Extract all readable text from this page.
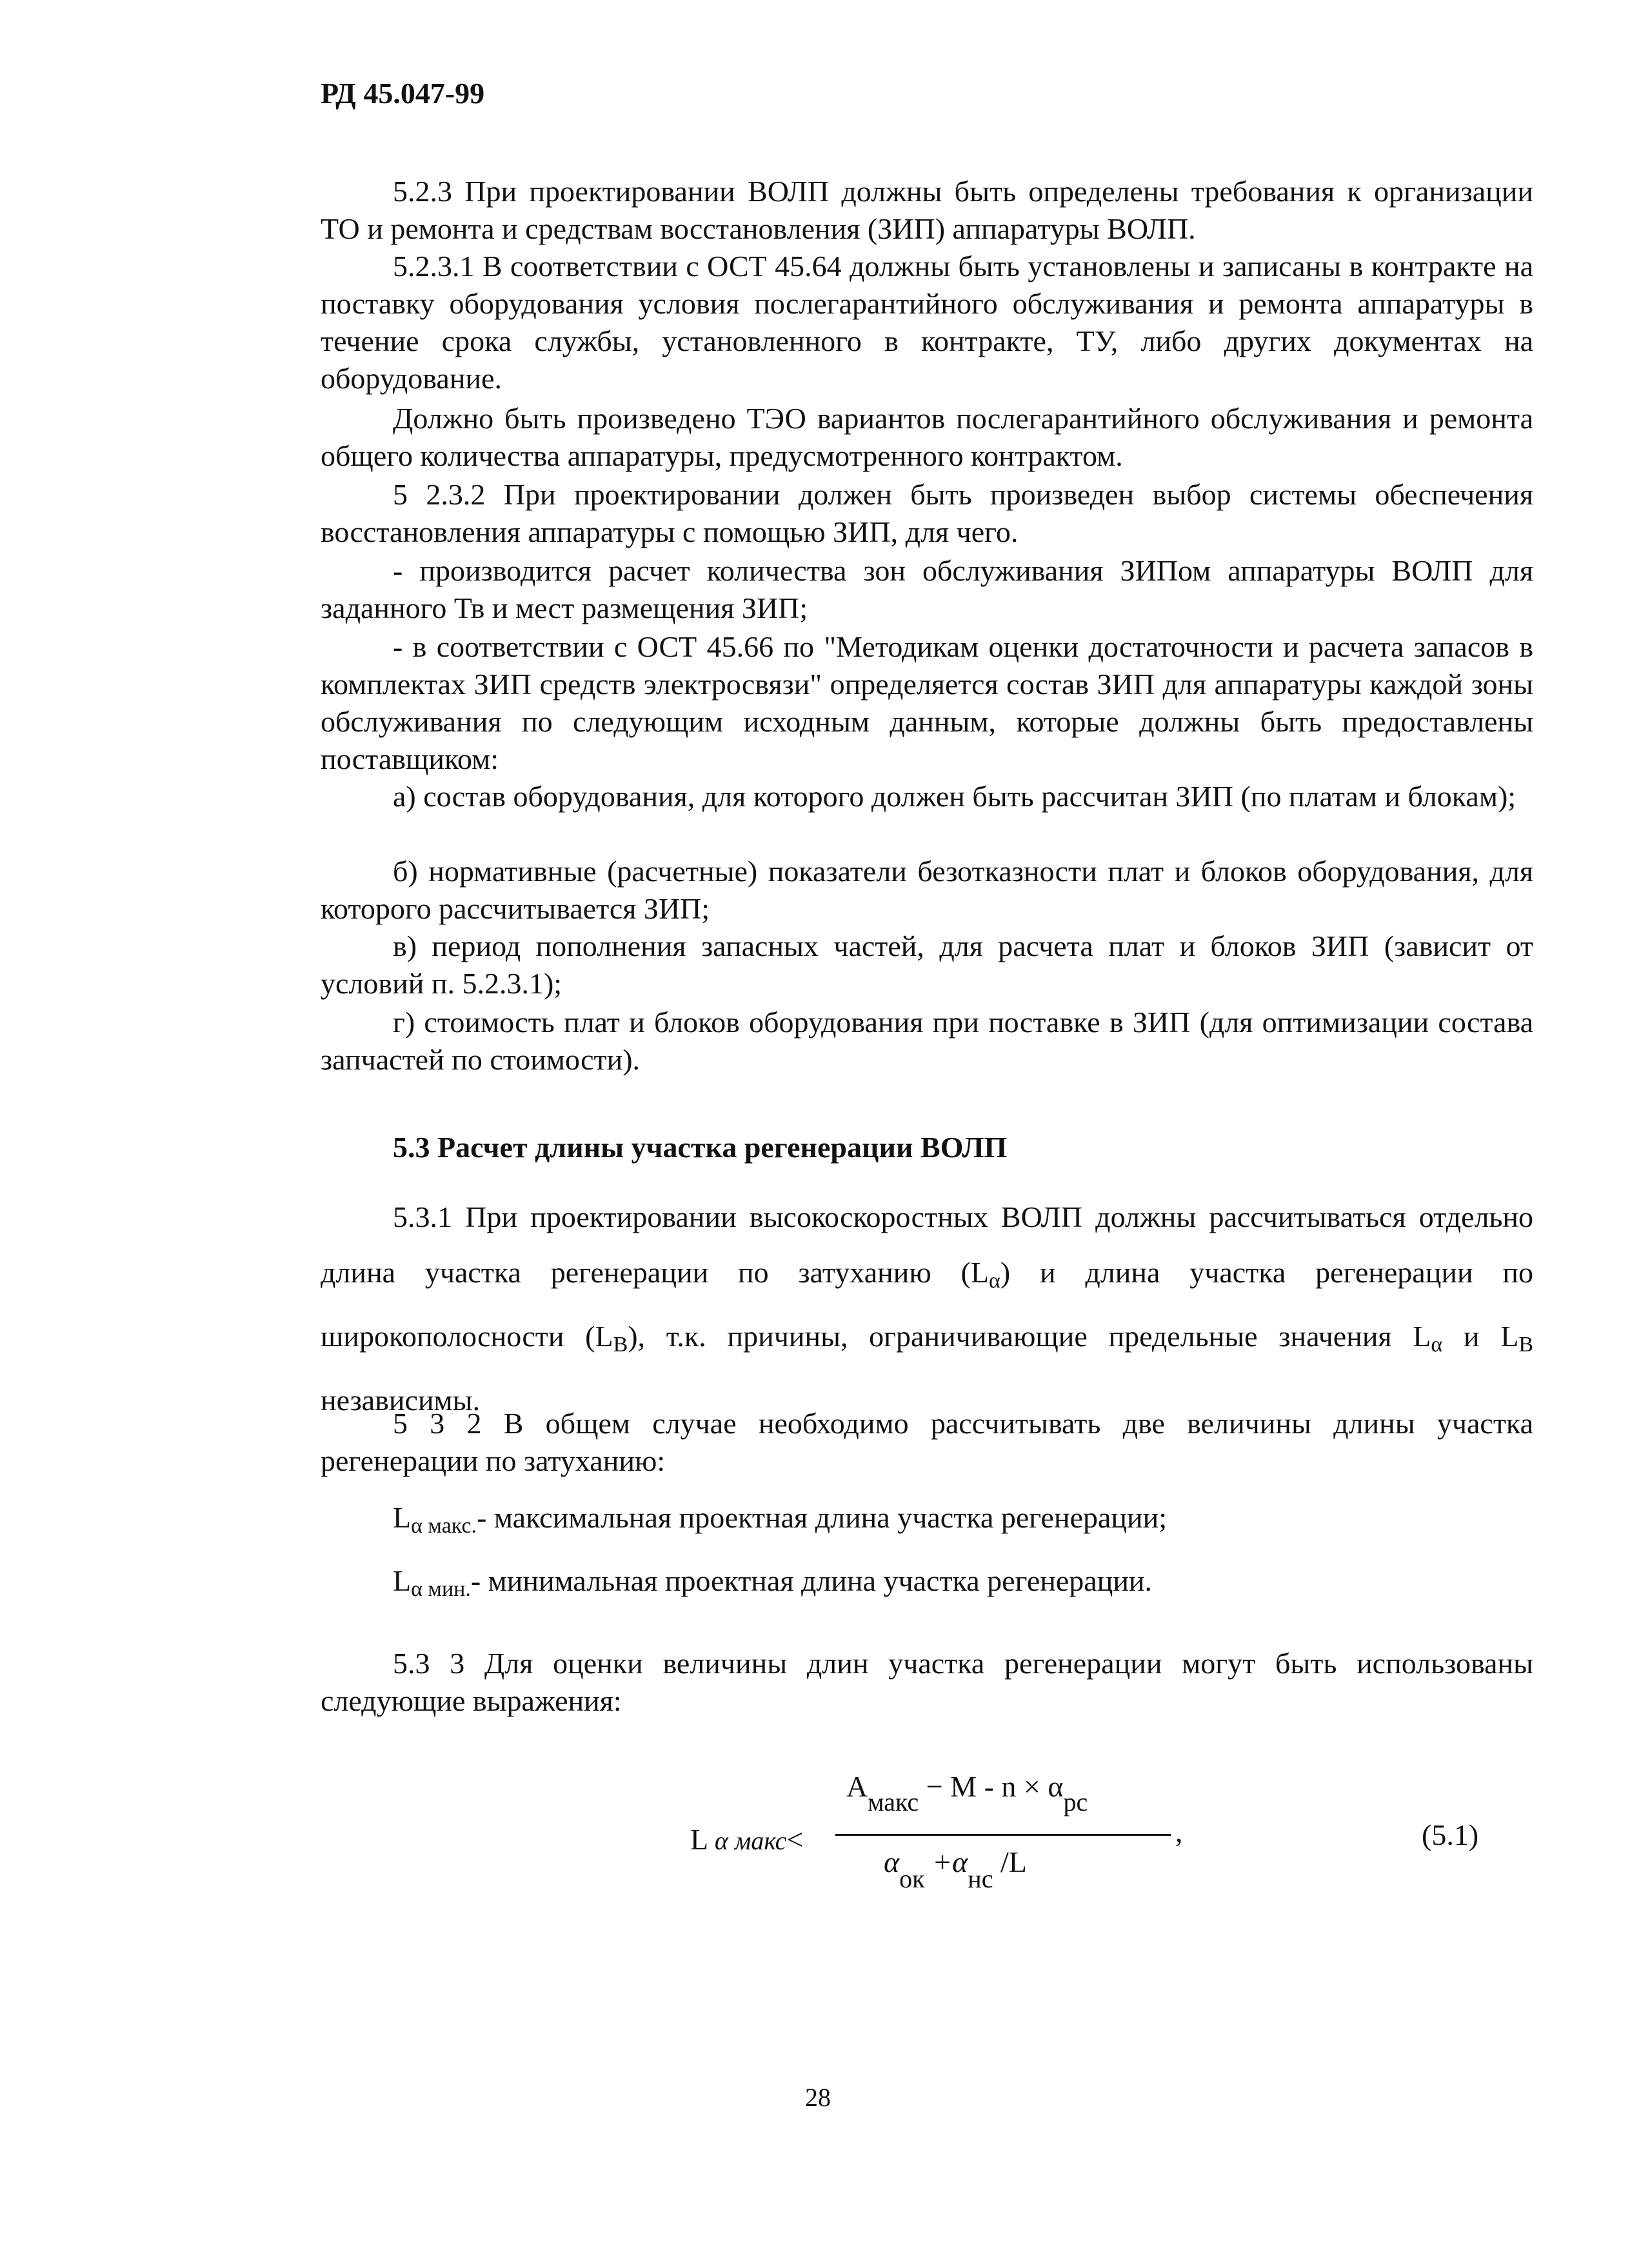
РД 45.047-99
5.2.3 При проектировании ВОЛП должны быть определены требования к организации ТО и ремонта и средствам восстановления (ЗИП) аппаратуры ВОЛП.
5.2.3.1 В соответствии с ОСТ 45.64 должны быть установлены и записаны в контракте на поставку оборудования условия послегарантийного обслуживания и ремонта аппаратуры в течение срока службы, установленного в контракте, ТУ, либо других документах на оборудование.
Должно быть произведено ТЭО вариантов послегарантийного обслуживания и ремонта общего количества аппаратуры, предусмотренного контрактом.
5 2.3.2 При проектировании должен быть произведен выбор системы обеспечения восстановления аппаратуры с помощью ЗИП, для чего.
- производится расчет количества зон обслуживания ЗИПом аппаратуры ВОЛП для заданного Тв и мест размещения ЗИП;
- в соответствии с ОСТ 45.66 по "Методикам оценки достаточности и расчета запасов в комплектах ЗИП средств электросвязи" определяется состав ЗИП для аппаратуры каждой зоны обслуживания по следующим исходным данным, которые должны быть предоставлены поставщиком:
а) состав оборудования, для которого должен быть рассчитан ЗИП (по платам и блокам);
б) нормативные (расчетные) показатели безотказности плат и блоков оборудования, для которого рассчитывается ЗИП;
в) период пополнения запасных частей, для расчета плат и блоков ЗИП (зависит от условий п. 5.2.3.1);
г) стоимость плат и блоков оборудования при поставке в ЗИП (для оптимизации состава запчастей по стоимости).
5.3 Расчет длины участка регенерации ВОЛП
5.3.1 При проектировании высокоскоростных ВОЛП должны рассчитываться отдельно длина участка регенерации по затуханию $(L_\alpha)$ и длина участка регенерации по широкополосности $(L_B)$, т.к. причины, ограничивающие предельные значения $L_\alpha$ и $L_B$ независимы.
5 3 2 В общем случае необходимо рассчитывать две величины длины участка регенерации по затуханию:
$L_{\alpha макс.}-$ максимальная проектная длина участка регенерации;
$L_{\alpha мин.}-$ минимальная проектная длина участка регенерации.
5.3 3 Для оценки величины длин участка регенерации могут быть использованы следующие выражения:
L α макс<
Aмакс − M - n × αpc
,
αок +αнс /L
(5.1)
28
